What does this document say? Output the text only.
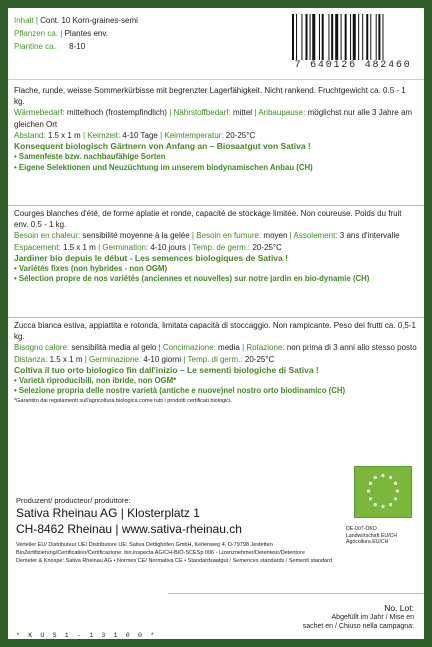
Inhalt | Cont. 10 Korn-graines-semi
Pflanzen ca. | Plantes env.
Piantine ca. 8-10
7 640126 482460
Flache, runde, weisse Sommerkürbisse mit begrenzter Lagerfähigkeit. Nicht rankend. Fruchtgewicht ca. 0.5 - 1 kg.
Wärmebedarf: mittelhoch (frostempfindlich) | Nährstoffbedarf: mittel | Anbaupause: möglichst nur alle 3 Jahre am gleichen Ort
Abstand: 1.5 x 1 m | Keimzeit: 4-10 Tage | Keimtemperatur: 20-25°C
Konsequent biologisch Gärtnern von Anfang an – Biosaatgut von Sativa !
• Samenfeste bzw. nachbaufähige Sorten
• Eigene Selektionen und Neuzüchtung im unserem biodynamischen Anbau (CH)
Courges blanches d'été, de forme aplatie et ronde, capacité de stockage limitée. Non coureuse. Poids du fruit env. 0.5 - 1 kg.
Besoin en chaleur: sensibilité moyenne à la gelée | Besoin en fumure: moyen | Assolement: 3 ans d'intervalle
Espacement: 1.5 x 1 m | Germination: 4-10 jours | Temp. de germ.: 20-25°C
Jardiner bio depuis le début - Les semences biologiques de Sativa !
• Variétés fixes (non hybrides - non OGM)
• Sélection propre de nos variétés (anciennes et nouvelles) sur notre jardin en bio-dynamie (CH)
Zucca bianca estiva, appiattita e rotonda, limitata capacità di stoccaggio. Non rampicante. Peso dei frutti ca. 0,5-1 kg.
Bisogno calore: sensibilità media al gelo | Concimazione: media | Rotazione: non prima di 3 anni allo stesso posto
Distanza: 1.5 x 1 m | Germinazione: 4-10 giorni | Temp. di germ.: 20-25°C
Coltiva il tuo orto biologico fin dall'inizio – Le sementi biologiche di Sativa !
• Varietà riproducibili, non ibride, non OGM*
• Selezione propria delle nostre varietà (antiche e nuove)nel nostro orto biodinamico (CH)
*Garantito dai regolamenti sull'agricoltura biologica come tutti i prodotti certificati biologici.
Produzent/ producteur/ produttore:
Sativa Rheinau AG | Klosterplatz 1
CH-8462 Rheinau | www.sativa-rheinau.ch
Verteiler EU/ Distributeur UE/ Distributore UE: Sativa Dettighofen GmbH, Keltenweg 4, D-79798 Jestetten
BioZertifizierung/Certification/Certificazione: bio.inspecta AG/CH-BIO-SCESp 006 - Lizenznehmer/Detenteur/Detentore
Demeter & Knospe: Sativa Rheinau AG • Normes CE/ Normativa CE • Standardsaatgut / Semences standards / Sementi standard
DE-007-ÖKO
Landwirtschaft EU/CH
Agricoltura EU/CH
No. Lot:
Abgefüllt im Jahr / Mise en
sachet en / Chiuso nella campagna:
* K U S 1 - 1 3 1 0 0 *
